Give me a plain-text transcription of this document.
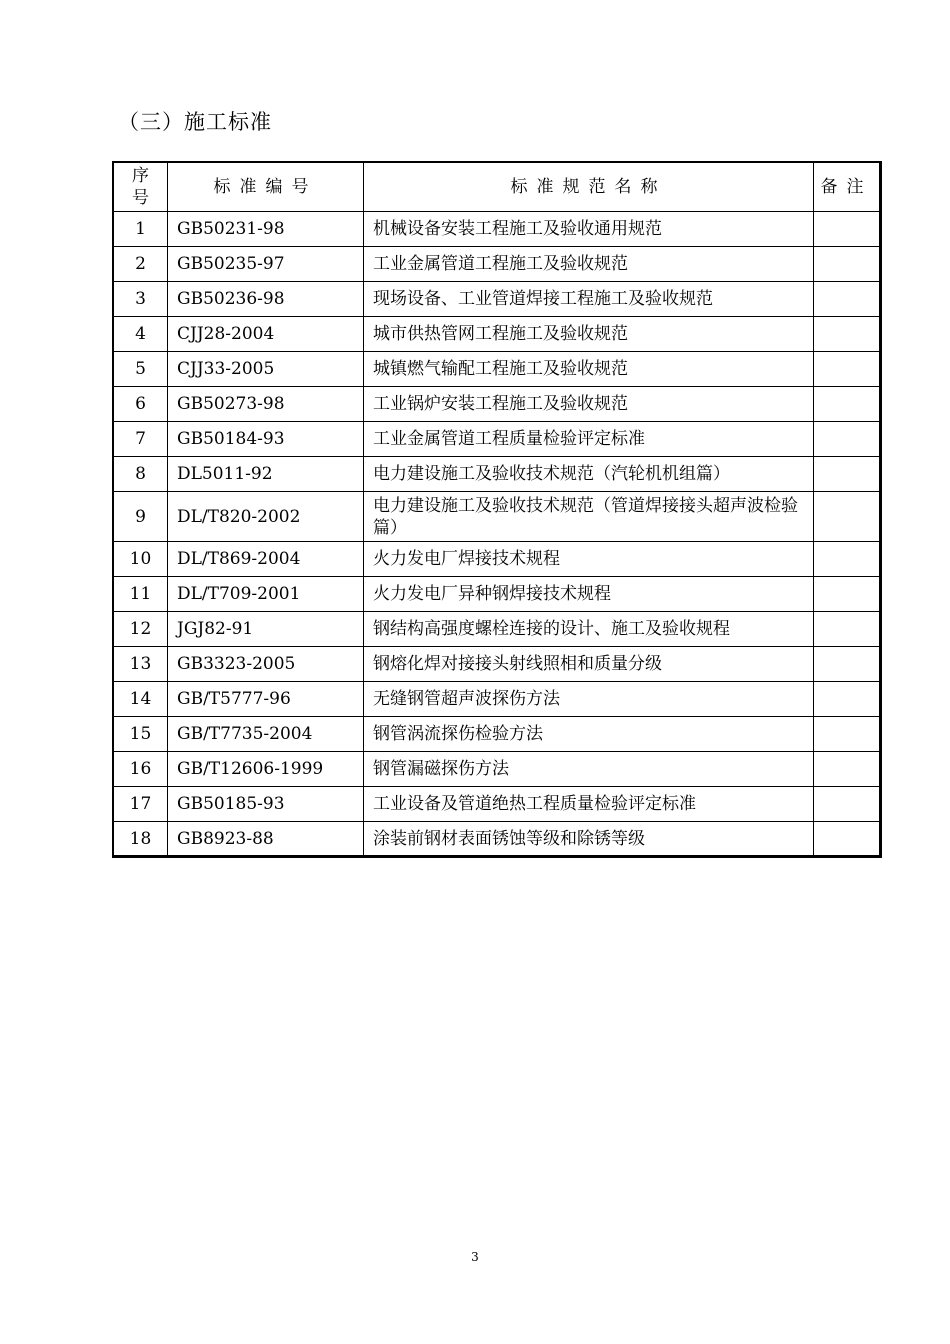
（三）施工标准
序
号	标准编号	标准规范名称	备注
1	GB50231-98	机械设备安装工程施工及验收通用规范	
2	GB50235-97	工业金属管道工程施工及验收规范	
3	GB50236-98	现场设备、工业管道焊接工程施工及验收规范	
4	CJJ28-2004	城市供热管网工程施工及验收规范	
5	CJJ33-2005	城镇燃气输配工程施工及验收规范	
6	GB50273-98	工业锅炉安装工程施工及验收规范	
7	GB50184-93	工业金属管道工程质量检验评定标准	
8	DL5011-92	电力建设施工及验收技术规范（汽轮机机组篇）	
9	DL/T820-2002	电力建设施工及验收技术规范（管道焊接接头超声波检验篇）	
10	DL/T869-2004	火力发电厂焊接技术规程	
11	DL/T709-2001	火力发电厂异种钢焊接技术规程	
12	JGJ82-91	钢结构高强度螺栓连接的设计、施工及验收规程	
13	GB3323-2005	钢熔化焊对接接头射线照相和质量分级	
14	GB/T5777-96	无缝钢管超声波探伤方法	
15	GB/T7735-2004	钢管涡流探伤检验方法	
16	GB/T12606-1999	钢管漏磁探伤方法	
17	GB50185-93	工业设备及管道绝热工程质量检验评定标准	
18	GB8923-88	涂装前钢材表面锈蚀等级和除锈等级	
3
